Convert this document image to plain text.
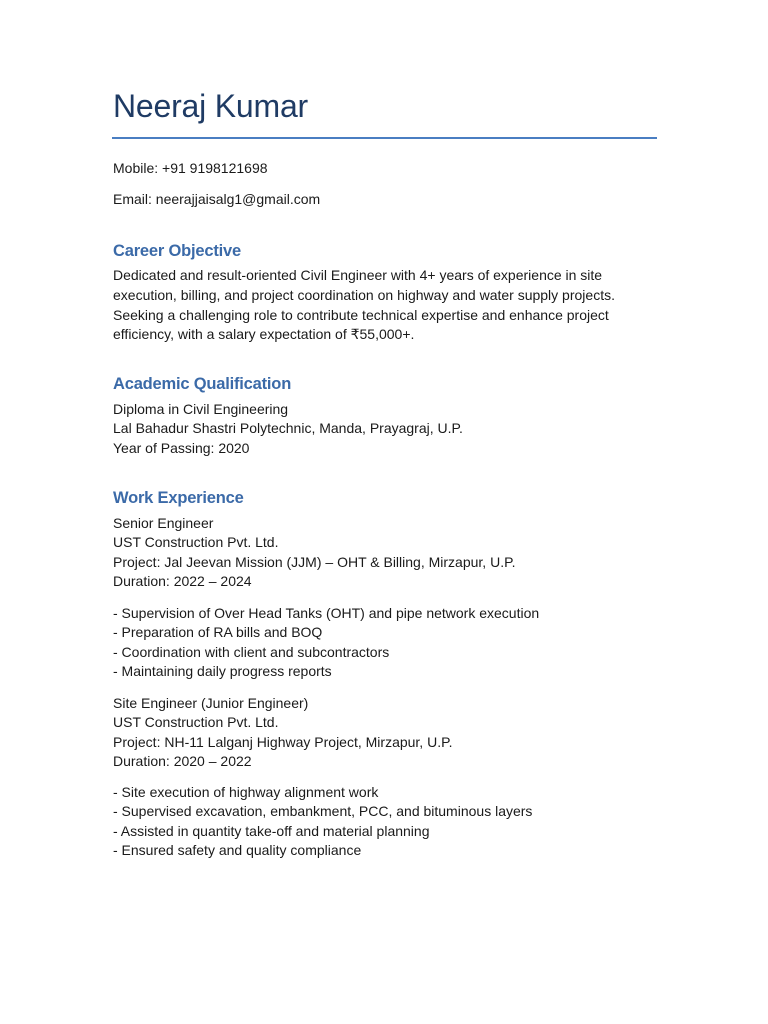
Neeraj Kumar
Mobile: +91 9198121698
Email: neerajjaisalg1@gmail.com
Career Objective

Dedicated and result-oriented Civil Engineer with 4+ years of experience in site execution, billing, and project coordination on highway and water supply projects. Seeking a challenging role to contribute technical expertise and enhance project efficiency, with a salary expectation of ₹55,000+.

Academic Qualification
Diploma in Civil Engineering
Lal Bahadur Shastri Polytechnic, Manda, Prayagraj, U.P.
Year of Passing: 2020
Work Experience
Senior Engineer
UST Construction Pvt. Ltd.
Project: Jal Jeevan Mission (JJM) – OHT & Billing, Mirzapur, U.P.
Duration: 2022 – 2024
- Supervision of Over Head Tanks (OHT) and pipe network execution
- Preparation of RA bills and BOQ
- Coordination with client and subcontractors
- Maintaining daily progress reports
Site Engineer (Junior Engineer)
UST Construction Pvt. Ltd.
Project: NH-11 Lalganj Highway Project, Mirzapur, U.P.
Duration: 2020 – 2022
- Site execution of highway alignment work
- Supervised excavation, embankment, PCC, and bituminous layers
- Assisted in quantity take-off and material planning
- Ensured safety and quality compliance
